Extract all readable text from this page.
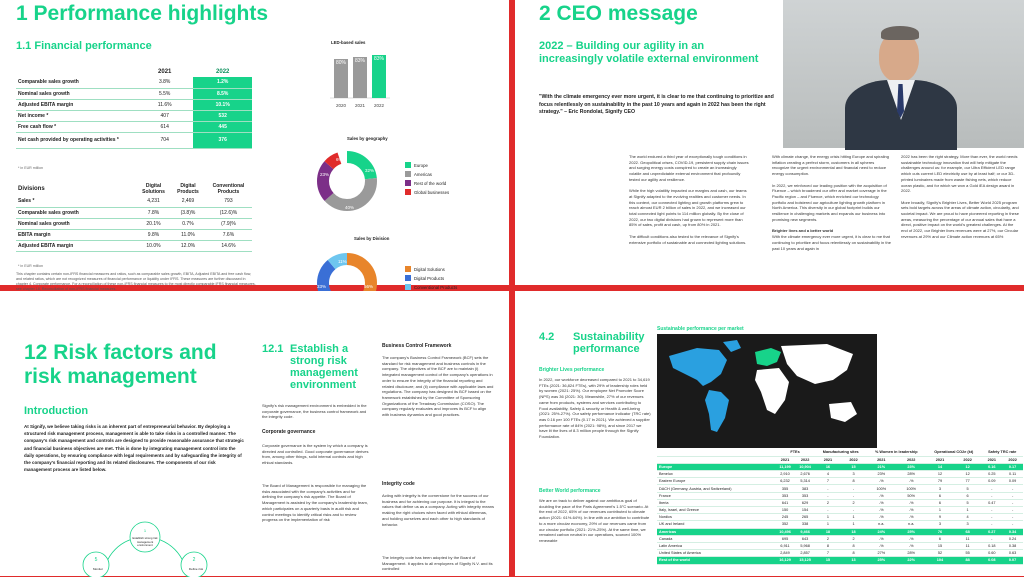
1 Performance highlights
1.1 Financial performance
	2021	2022
Comparable sales growth	3.8%	1.2%
Nominal sales growth	5.5%	8.5%
Adjusted EBITA margin	11.6%	10.1%
Net income *	407	532
Free cash flow *	614	445
Net cash provided by operating activities *	704	376
* in EUR million
Divisions	Digital Solutions	Digital Products	Conventional Products
Sales *	4,231	2,469	793
Comparable sales growth	7.8%	(3.8)%	(12.6)%
Nominal sales growth	20.1%	0.7%	(7.9)%
EBITA margin	9.8%	11.0%	7.6%
Adjusted EBITA margin	10.0%	12.0%	14.6%
* in EUR million
This chapter contains certain non-IFRS financial measures and ratios, such as comparable sales growth, EBITA, Adjusted EBITA and free cash flow, and related ratios, which are not recognized measures of financial performance or liquidity under IFRS. These measures are further discussed in chapter 4, Corporate performance. For a reconciliation of these non-IFRS financial measures to the most directly comparable IFRS financial measures, see chapter 18, Reconciliation of non-IFRS financial measures.
LED-based sales
80% 83% 83%
2020 2021 2022
Sales by geography
32%
40%
23%
6%
Europe
Americas
Rest of the world
Global businesses
Sales by Division
56%
33%
11%
Digital Solutions
Digital Products
Conventional Products
2 CEO message
2022 – Building our agility in an increasingly volatile external environment
"With the climate emergency ever more urgent, it is clear to me that continuing to prioritize and focus relentlessly on sustainability in the past 10 years and again in 2022 has been the right strategy." – Eric Rondolat, Signify CEO
The world endured a third year of exceptionally tough conditions in 2022. Geopolitical crises, COVID-19, persistent supply chain issues and surging energy costs conspired to create an increasingly volatile and unpredictable external environment that profoundly tested our agility and resilience.

While the high volatility impacted our margins and cash, our teams at Signify adapted to the evolving realities and customer needs. In this context, our connected lighting and growth platforms grew to reach almost EUR 2 billion of sales in 2022, and we increased our total connected light points to 114 million globally. By the close of 2022, our two digital divisions had grown to represent more than 85% of sales, profit and cash, up from 80% in 2021.

The difficult conditions also tested to the relevance of Signify's extensive portfolio of sustainable and connected lighting solutions.
With climate change, the energy crisis hitting Europe and spiraling inflation creating a perfect storm, customers in all spheres recognize the urgent environmental and financial need to reduce energy consumption.

In 2022, we reinforced our leading position with the acquisition of Fluence – which broadened our offer and market coverage in the Pacific region – and Fluence, which enriched our technology portfolio and bolstered our agriculture lighting growth platform in North America. This diversity in our global footprint builds our resilience in challenging markets and expands our business into promising new segments.
Brighter lives and a better world
With the climate emergency ever more urgent, it is clear to me that continuing to prioritize and focus relentlessly on sustainability in the past 10 years and again in
2022 has been the right strategy. More than ever, the world needs sustainable technology innovation that will help mitigate the challenges around us: for example, our Ultra Efficient LED range which cuts current LED electricity use by at least half; or our 3D-printed luminaires made from waste fishing nets, which reduce ocean plastic, and for which we won a Gold iEA design award in 2022.

More broadly, Signify's Brighter Lives, Better World 2025 program sets bold targets across the areas of climate action, circularity, and societal impact. We are proud to have pioneered reporting in these areas, measuring the percentage of our annual sales that have a direct, positive impact on the world's greatest challenges. At the end of 2022, our Brighter lives revenues were at 27%, our Circular revenues at 29% and our Climate action revenues at 65%
12 Risk factors and risk management
Introduction
At Signify, we believe taking risks is an inherent part of entrepreneurial behavior. By deploying a structured risk management process, management is able to take risks in a controlled manner. The company's risk management and controls are designed to provide reasonable assurance that strategic and financial business objectives are met. This is done by integrating management control into the daily operations, by ensuring compliance with legal requirements and by safeguarding the integrity of the company's financial reporting and its related disclosures. The components of our risk management process are listed below.
1
5	2
Establish strong risk management environment
Define risk
Monitor
12.1 Establish a strong risk management environment
Signify's risk management environment is embedded in the corporate governance, the business control framework and the integrity code.
Corporate governance
Corporate governance is the system by which a company is directed and controlled. Good corporate governance derives from, among other things, solid internal controls and high ethical standards.
The Board of Management is responsible for managing the risks associated with the company's activities and for defining the company's risk appetite. The Board of Management is assisted by the company's leadership team, which participates on a quarterly basis in audit risk and control meetings to identify critical risks and to review progress on the implementation of risk
Business Control Framework
The company's Business Control Framework (BCF) sets the standard for risk management and business controls in the company. The objectives of the BCF are to maintain (i) integrated management control of the company's operations in order to ensure the integrity of the financial reporting and related disclosure; and (ii) compliance with applicable laws and regulations. The company has designed its BCF based on the framework established by the Committee of Sponsoring Organizations of the Treadway Commission (COSO). The company regularly evaluates and improves its BCF to align with business dynamics and good practices.
Integrity code
Acting with integrity is the cornerstone for the success of our business and for achieving our purpose. It is integral to the values that define us as a company. Acting with integrity means making the right choices when faced with ethical dilemmas, and holding ourselves and each other to high standards of behavior.
The Integrity code has been adopted by the Board of Management. It applies to all employees of Signify N.V. and its controlled
4.2 Sustainability performance
Brighter Lives performance
In 2022, our workforce decreased compared to 2021 to 34,619 FTEs (2021: 36,824 FTEs), with 29% of leadership roles held by women (2021: 25%). Our employee Net Promoter Score (NPS) was 36 (2021: 30). Meanwhile, 27% of our revenues came from products, systems and services contributing to Food availability, Safety & security or Health & well-being (2021: 25%-27%). Our safety performance indicator (TRC rate) was 0.16 per 100 FTEs (0.17 in 2021). We achieved a supplier performance rate of 84% (2021: 98%), and since 2017 we have lit the lives of 8.3 million people through the Signify Foundation.
Better World performance
We are on track to deliver against our ambitious goal of doubling the pace of the Paris Agreement's 1.5°C scenario. At the end of 2022, 65% of our revenues contributed to climate action (2021: 61%-64%). In line with our ambition to contribute to a more circular economy, 29% of our revenues came from our circular portfolio (2021: 21%-25%). At the same time, we remained carbon neutral in our operations, sourced 100% renewable
Sustainable performance per market
	FTEs		Manufacturing sites		% Women in leadership		Operational CO2e (kt)		Safety TRC rate	
	2021	2022	2021	2022	2021	2022	2021	2022	2021	2022
Europe	11,199	10,904	16	15	21%	23%	14	12	0.16	0.17
Benelux	2,910	2,676	4	3	23%	28%	12	12	0.25	0.11
Eastern Europe	6,232	5,314	7	8	-%	-%	79	77	0.09	0.09
DACH (Germany, Austria, and Switzerland)	355	383	-	-	100%	100%	3	5	-	-
France	353	353	-	-	-%	50%	6	6	-	-
Iberia	641	629	2	2	-%	-%	6	5	0.47	-
Italy, Israel, and Greece	150	154	-	-	-%	-%	1	1	-	-
Nordics	245	265	1	1	-%	-%	9	4	-	-
UK and Ireland	352	338	1	1	n.a.	n.a.	3	3	-	-
Americas	10,496	9,466	18	18	24%	25%	76	68	0.27	0.34
Canada	695	643	2	2	-%	-%	6	11	-	0.24
Latin America	6,911	5,968	8	8	-%	-%	15	11	0.18	0.38
United States of America	2,849	2,857	7	8	27%	28%	52	55	0.60	0.63
Rest of the world	16,129	15,125	15	13	25%	22%	104	88	0.08	0.07
